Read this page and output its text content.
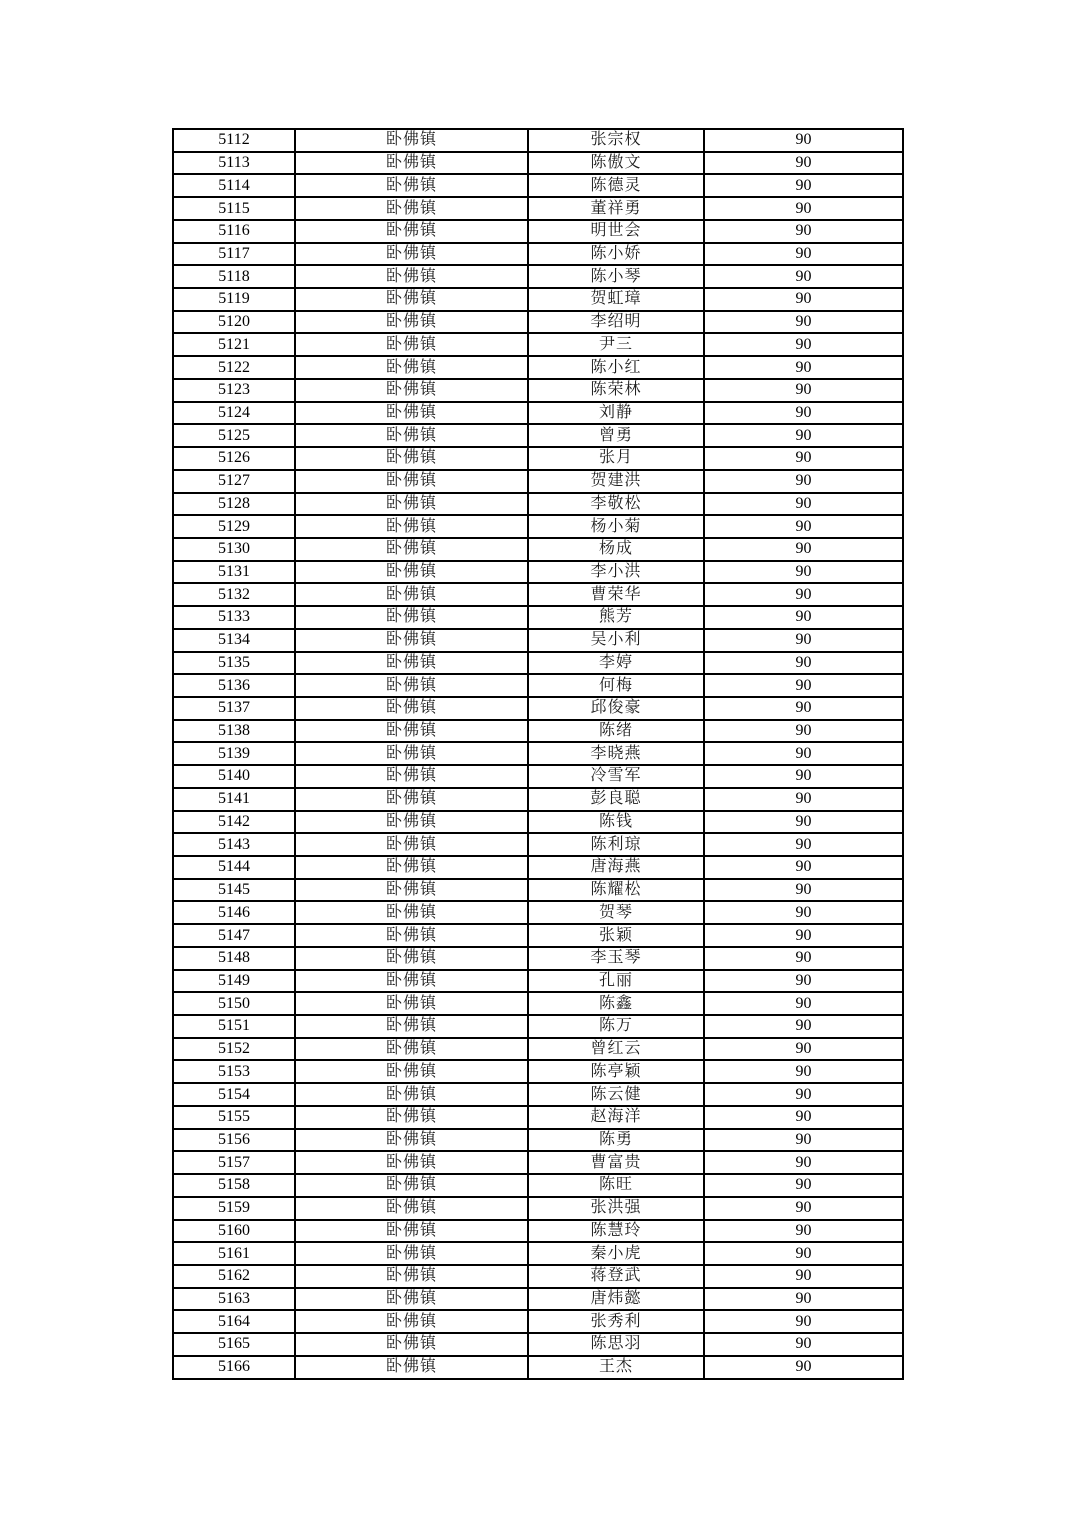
5112	卧佛镇	张宗权	90
5113	卧佛镇	陈傲文	90
5114	卧佛镇	陈德灵	90
5115	卧佛镇	董祥勇	90
5116	卧佛镇	明世会	90
5117	卧佛镇	陈小娇	90
5118	卧佛镇	陈小琴	90
5119	卧佛镇	贺虹璋	90
5120	卧佛镇	李绍明	90
5121	卧佛镇	尹三	90
5122	卧佛镇	陈小红	90
5123	卧佛镇	陈荣林	90
5124	卧佛镇	刘静	90
5125	卧佛镇	曾勇	90
5126	卧佛镇	张月	90
5127	卧佛镇	贺建洪	90
5128	卧佛镇	李敬松	90
5129	卧佛镇	杨小菊	90
5130	卧佛镇	杨成	90
5131	卧佛镇	李小洪	90
5132	卧佛镇	曹荣华	90
5133	卧佛镇	熊芳	90
5134	卧佛镇	吴小利	90
5135	卧佛镇	李婷	90
5136	卧佛镇	何梅	90
5137	卧佛镇	邱俊豪	90
5138	卧佛镇	陈绪	90
5139	卧佛镇	李晓燕	90
5140	卧佛镇	冷雪军	90
5141	卧佛镇	彭良聪	90
5142	卧佛镇	陈钱	90
5143	卧佛镇	陈利琼	90
5144	卧佛镇	唐海燕	90
5145	卧佛镇	陈耀松	90
5146	卧佛镇	贺琴	90
5147	卧佛镇	张颖	90
5148	卧佛镇	李玉琴	90
5149	卧佛镇	孔丽	90
5150	卧佛镇	陈鑫	90
5151	卧佛镇	陈万	90
5152	卧佛镇	曾红云	90
5153	卧佛镇	陈亭颖	90
5154	卧佛镇	陈云健	90
5155	卧佛镇	赵海洋	90
5156	卧佛镇	陈勇	90
5157	卧佛镇	曹富贵	90
5158	卧佛镇	陈旺	90
5159	卧佛镇	张洪强	90
5160	卧佛镇	陈慧玲	90
5161	卧佛镇	秦小虎	90
5162	卧佛镇	蒋登武	90
5163	卧佛镇	唐炜懿	90
5164	卧佛镇	张秀利	90
5165	卧佛镇	陈思羽	90
5166	卧佛镇	王杰	90
